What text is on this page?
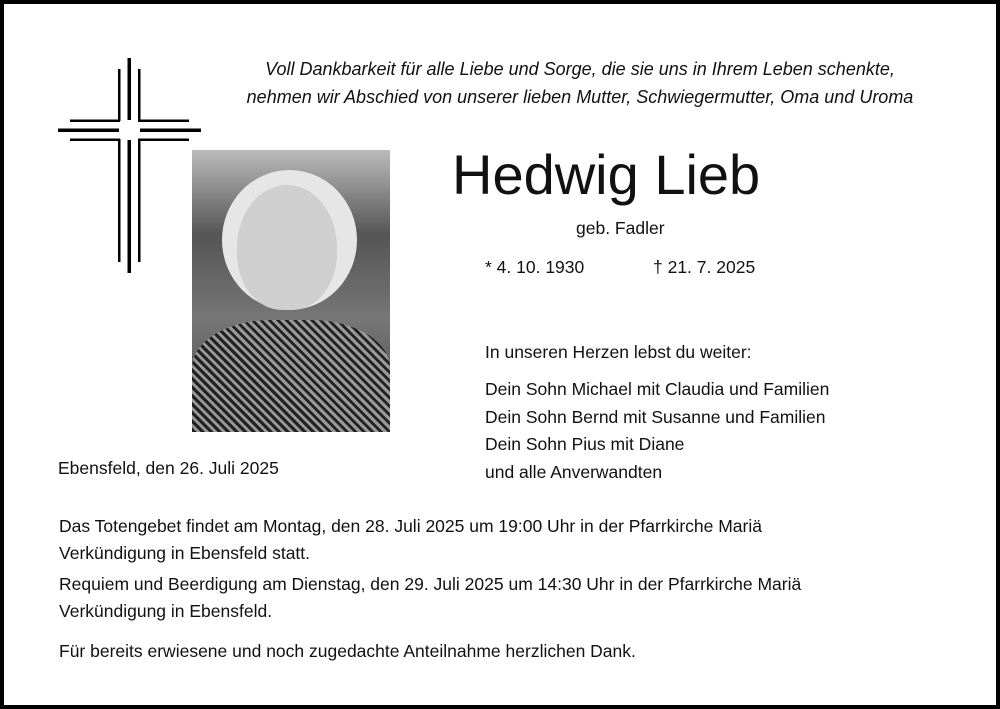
Voll Dankbarkeit für alle Liebe und Sorge, die sie uns in Ihrem Leben schenkte,
nehmen wir Abschied von unserer lieben Mutter, Schwiegermutter, Oma und Uroma
Hedwig Lieb
geb. Fadler
* 4. 10. 1930	† 21. 7. 2025
In unseren Herzen lebst du weiter:
Dein Sohn Michael mit Claudia und Familien
Dein Sohn Bernd mit Susanne und Familien
Dein Sohn Pius mit Diane
und alle Anverwandten
Ebensfeld, den 26. Juli 2025
Das Totengebet findet am Montag, den 28. Juli 2025 um 19:00 Uhr in der Pfarrkirche Mariä
Verkündigung in Ebensfeld statt.
Requiem und Beerdigung am Dienstag, den 29. Juli 2025 um 14:30 Uhr in der Pfarrkirche Mariä
Verkündigung in Ebensfeld.
Für bereits erwiesene und noch zugedachte Anteilnahme herzlichen Dank.
